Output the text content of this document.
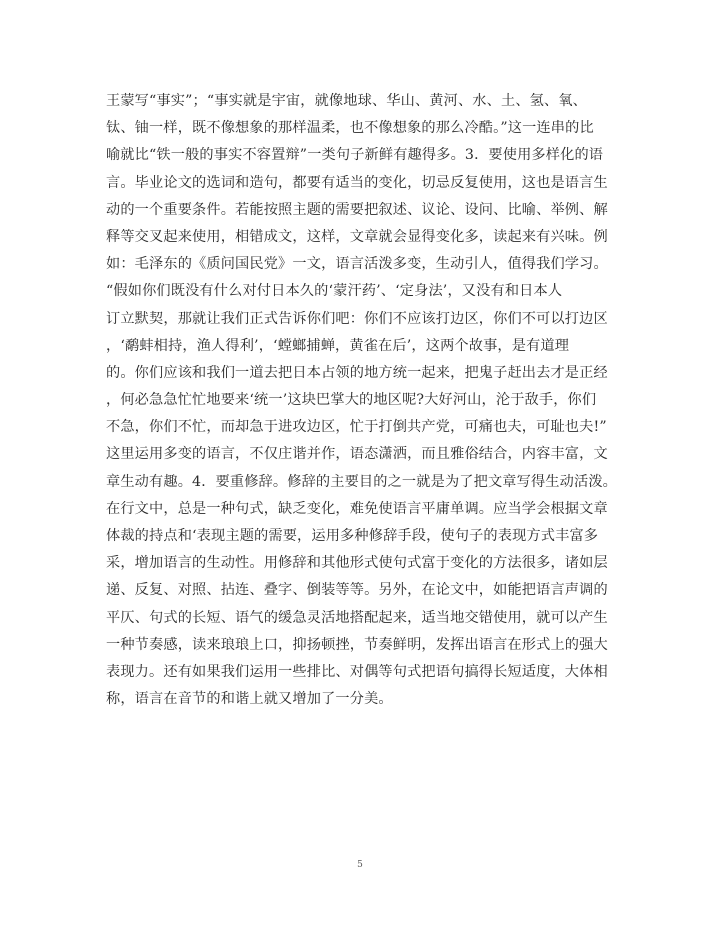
王蒙写“事实”；“事实就是宇宙，就像地球、华山、黄河、水、土、氢、氧、
钛、铀一样，既不像想象的那样温柔，也不像想象的那么冷酷。”这一连串的比
喻就比“铁一般的事实不容置辩”一类句子新鲜有趣得多。3．要使用多样化的语
言。毕业论文的选词和造句，都要有适当的变化，切忌反复使用，这也是语言生
动的一个重要条件。若能按照主题的需要把叙述、议论、设问、比喻、举例、解
释等交叉起来使用，相错成文，这样，文章就会显得变化多，读起来有兴味。例
如：毛泽东的《质问国民党》一文，语言活泼多变，生动引人，值得我们学习。
“假如你们既没有什么对付日本久的‘蒙汗药’、‘定身法’，又没有和日本人
订立默契，那就让我们正式告诉你们吧：你们不应该打边区，你们不可以打边区
，‘鹬蚌相持，渔人得利’，‘螳螂捕蝉，黄雀在后’，这两个故事，是有道理
的。你们应该和我们一道去把日本占领的地方统一起来，把鬼子赶出去才是正经
，何必急急忙忙地要来‘统一’这块巴掌大的地区呢?大好河山，沦于敌手，你们
不急，你们不忙，而却急于进攻边区，忙于打倒共产党，可痛也夫，可耻也夫!”
这里运用多变的语言，不仅庄谐并作，语态潇洒，而且雅俗结合，内容丰富，文
章生动有趣。4．要重修辞。修辞的主要目的之一就是为了把文章写得生动活泼。
在行文中，总是一种句式，缺乏变化，难免使语言平庸单调。应当学会根据文章
体裁的持点和‘表现主题的需要，运用多种修辞手段，使句子的表现方式丰富多
采，增加语言的生动性。用修辞和其他形式使句式富于变化的方法很多，诸如层
递、反复、对照、拈连、叠字、倒装等等。另外，在论文中，如能把语言声调的
平仄、句式的长短、语气的缓急灵活地搭配起来，适当地交错使用，就可以产生
一种节奏感，读来琅琅上口，抑扬顿挫，节奏鲜明，发挥出语言在形式上的强大
表现力。还有如果我们运用一些排比、对偶等句式把语句搞得长短适度，大体相
称，语言在音节的和谐上就又增加了一分美。
5
